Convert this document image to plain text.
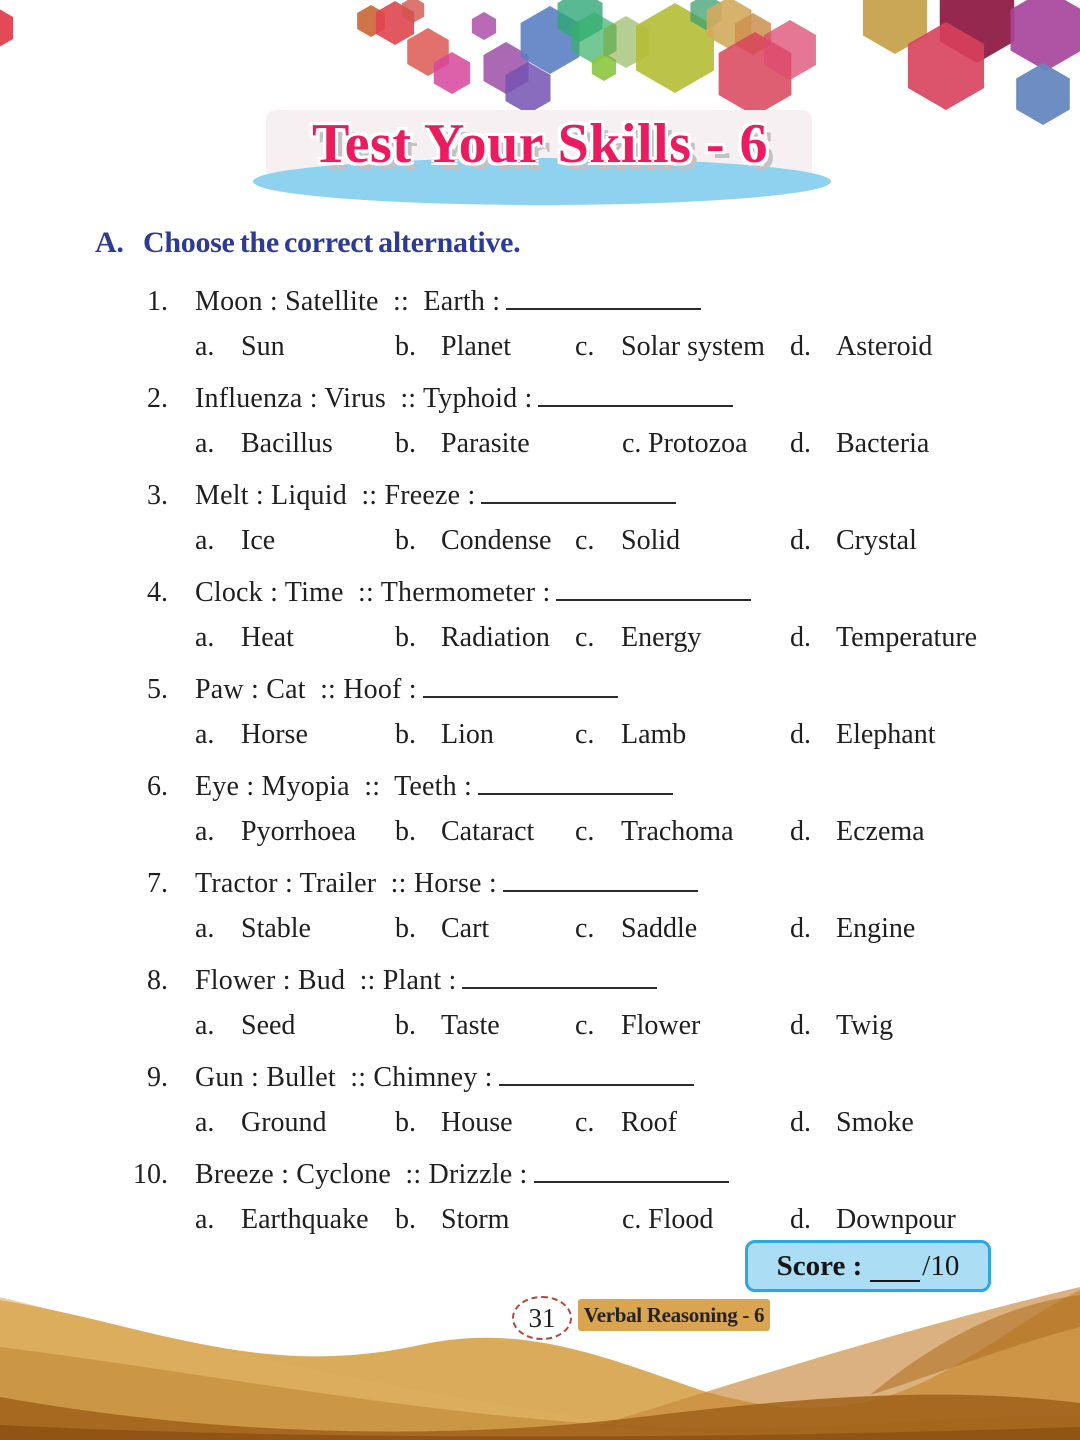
Test Your Skills - 6
A. Choose the correct alternative.
1. Moon : Satellite  ::  Earth :
a. Sun	b. Planet c. Solar system d. Asteroid
2. Influenza : Virus  :: Typhoid :
a. Bacillus b. Parasite	c. Protozoa d. Bacteria
3. Melt : Liquid  :: Freeze :
a. Ice	b. Condense c. Solid	d. Crystal
4. Clock : Time  :: Thermometer :
a. Heat	b. Radiation c. Energy	d. Temperature
5. Paw : Cat  :: Hoof :
a. Horse	b. Lion	c. Lamb	d. Elephant
6. Eye : Myopia  ::  Teeth :
a. Pyorrhoea b. Cataract c. Trachoma d. Eczema
7. Tractor : Trailer  :: Horse :
a. Stable	b. Cart	c. Saddle	d. Engine
8. Flower : Bud  :: Plant :
a. Seed	b. Taste	c. Flower	d. Twig
9. Gun : Bullet  :: Chimney :
a. Ground b. House c. Roof	d. Smoke
10. Breeze : Cyclone  :: Drizzle :
a. Earthquake b. Storm	c. Flood	d. Downpour
Score : /10
31	Verbal Reasoning - 6
